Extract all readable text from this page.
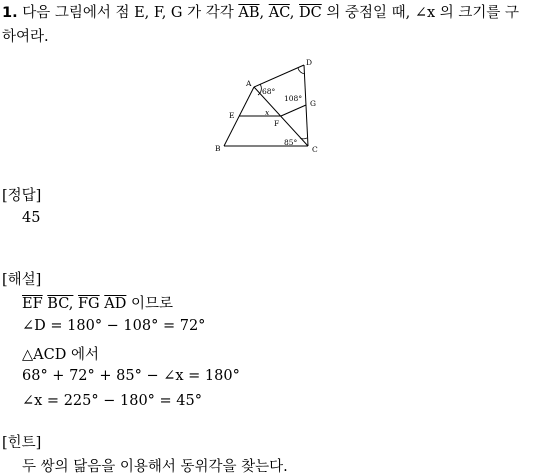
1. 다음 그림에서 점 E, F, G 가 각각 $\overline{AB}$, $\overline{AC}$, $\overline{DC}$ 의 중점일 때, ∠x 의 크기를 구하여라.
A
B	C
D
E
F
G
x
68°
108°
85°
[정답]
45
[해설]
$\overline{EF}$ BC, $\overline{FG}$ $\overline{AD}$ 이므로
∠D = 180° − 108° = 72°
△ACD 에서
68° + 72° + 85° − ∠x = 180°
∠x = 225° − 180° = 45°
[힌트]
두 쌍의 닮음을 이용해서 동위각을 찾는다.
